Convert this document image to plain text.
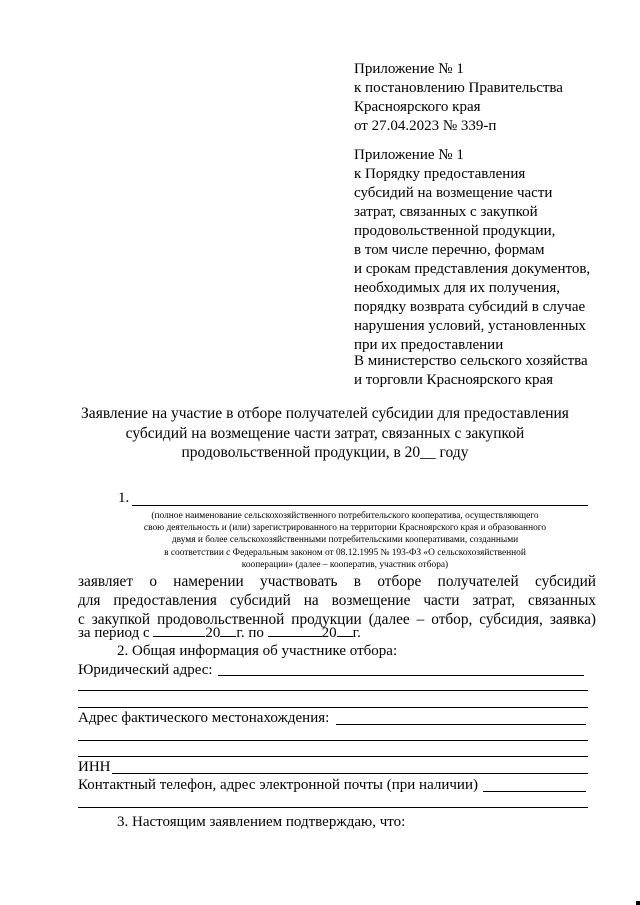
Приложение № 1
к постановлению Правительства
Красноярского края
от 27.04.2023 № 339-п
Приложение № 1
к Порядку предоставления
субсидий на возмещение части
затрат, связанных с закупкой
продовольственной продукции,
в том числе перечню, формам
и срокам представления документов,
необходимых для их получения,
порядку возврата субсидий в случае
нарушения условий, установленных
при их предоставлении
В министерство сельского хозяйства
и торговли Красноярского края
Заявление на участие в отборе получателей субсидии для предоставления
субсидий на возмещение части затрат, связанных с закупкой
продовольственной продукции, в 20__ году
1.
(полное наименование сельскохозяйственного потребительского кооператива, осуществляющего
свою деятельность и (или) зарегистрированного на территории Красноярского края и образованного
двумя и более сельскохозяйственными потребительскими кооперативами, созданными
в соответствии с Федеральным законом от 08.12.1995 № 193-ФЗ «О сельскохозяйственной
кооперации» (далее – кооператив, участник отбора)
заявляет о намерении участвовать в отборе получателей субсидий
для предоставления субсидий на возмещение части затрат, связанных
с закупкой продовольственной продукции (далее – отбор, субсидия, заявка)
за период с	20 г. по	20 г.
2. Общая информация об участнике отбора:
Юридический адрес:
Адрес фактического местонахождения:
ИНН
Контактный телефон, адрес электронной почты (при наличии)
3. Настоящим заявлением подтверждаю, что:
